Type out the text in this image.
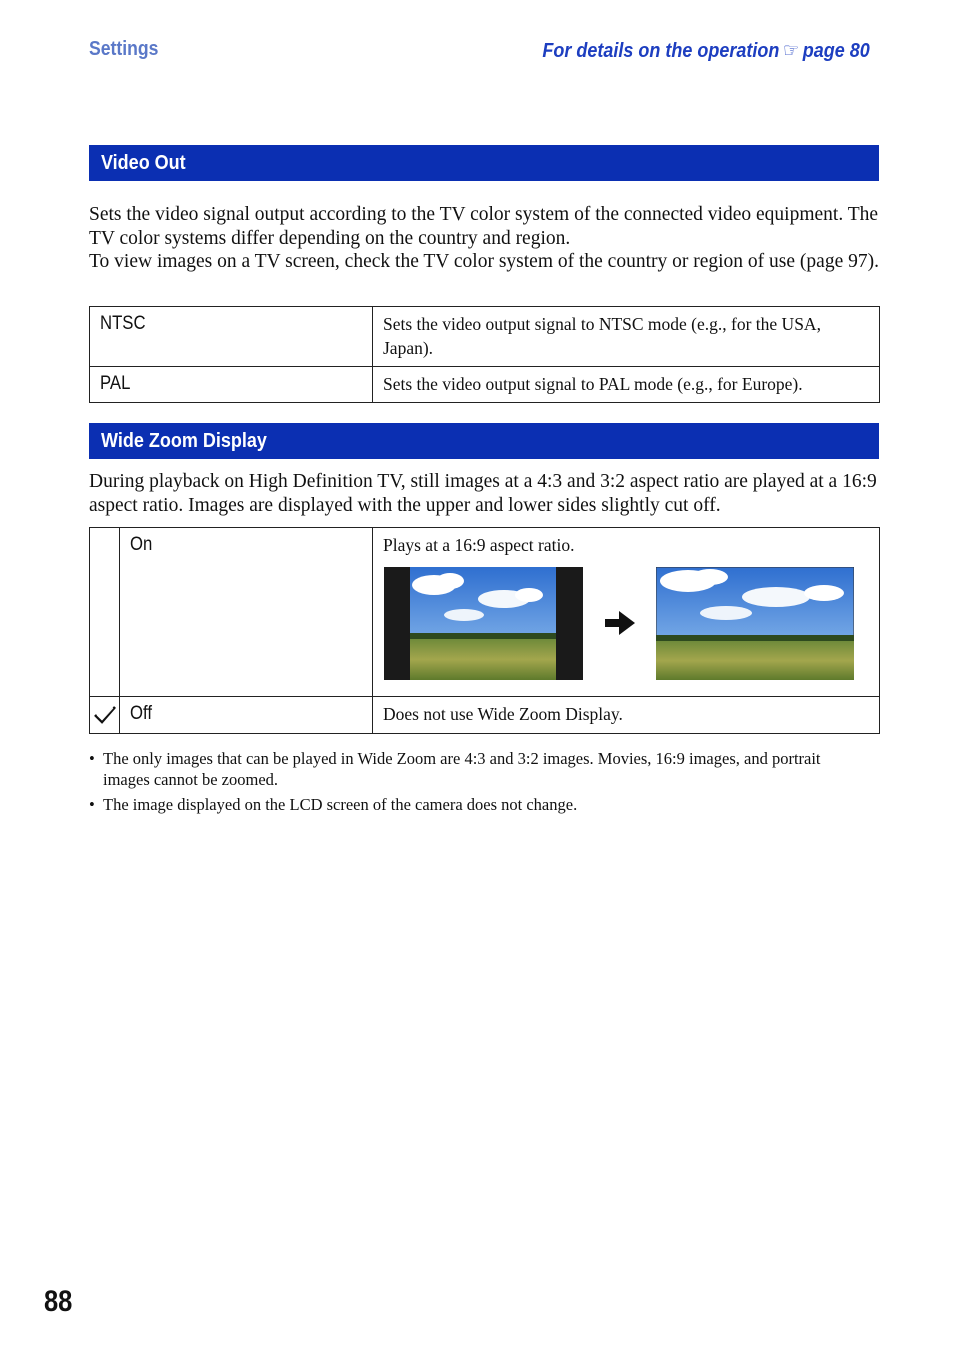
Settings	For details on the operation ☞ page 80
Video Out
Sets the video signal output according to the TV color system of the connected video equipment. The TV color systems differ depending on the country and region.
To view images on a TV screen, check the TV color system of the country or region of use (page 97).
NTSC	Sets the video output signal to NTSC mode (e.g., for the USA, Japan).
PAL	Sets the video output signal to PAL mode (e.g., for Europe).
Wide Zoom Display
During playback on High Definition TV, still images at a 4:3 and 3:2 aspect ratio are played at a 16:9 aspect ratio. Images are displayed with the upper and lower sides slightly cut off.
	On	Plays at a 16:9 aspect ratio.

	Off	Does not use Wide Zoom Display.
• The only images that can be played in Wide Zoom are 4:3 and 3:2 images. Movies, 16:9 images, and portrait images cannot be zoomed.
• The image displayed on the LCD screen of the camera does not change.
88
